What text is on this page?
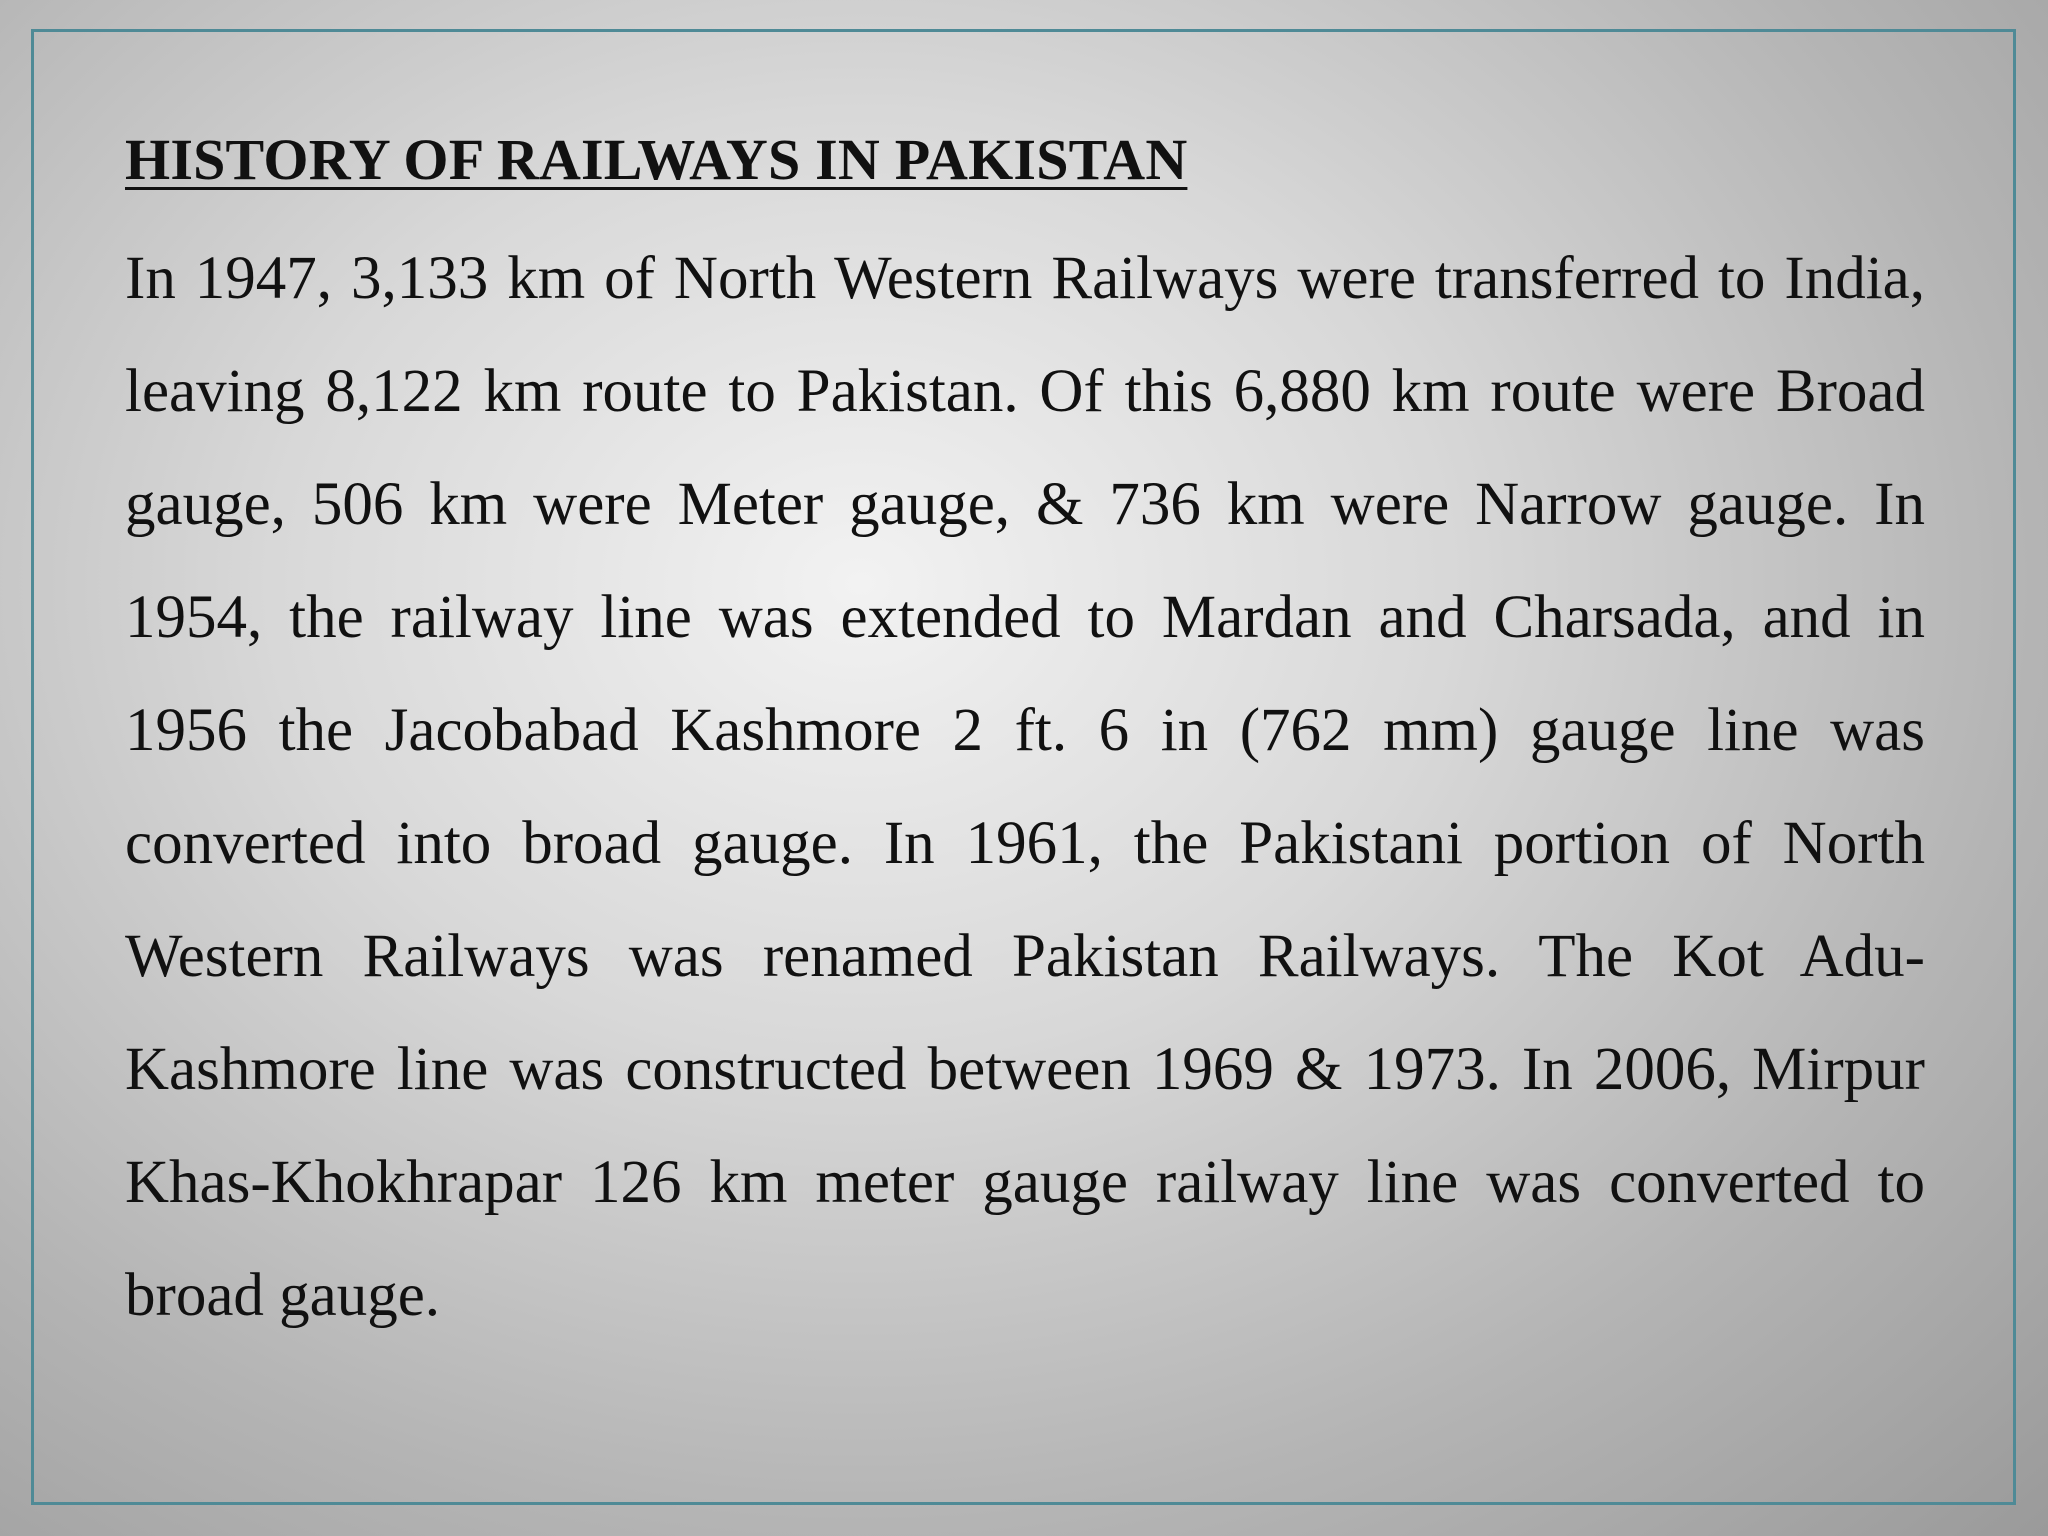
HISTORY OF RAILWAYS IN PAKISTAN

In 1947, 3,133 km of North Western Railways were transferred to India, leaving 8,122 km route to Pakistan. Of this 6,880 km route were Broad gauge, 506 km were Meter gauge, & 736 km were Narrow gauge. In 1954, the railway line was extended to Mardan and Charsada, and in 1956 the Jacobabad Kashmore 2 ft. 6 in (762 mm) gauge line was converted into broad gauge. In 1961, the Pakistani portion of North Western Railways was renamed Pakistan Railways. The Kot Adu-Kashmore line was constructed between 1969 & 1973. In 2006, Mirpur Khas-Khokhrapar 126 km meter gauge railway line was converted to broad gauge.
